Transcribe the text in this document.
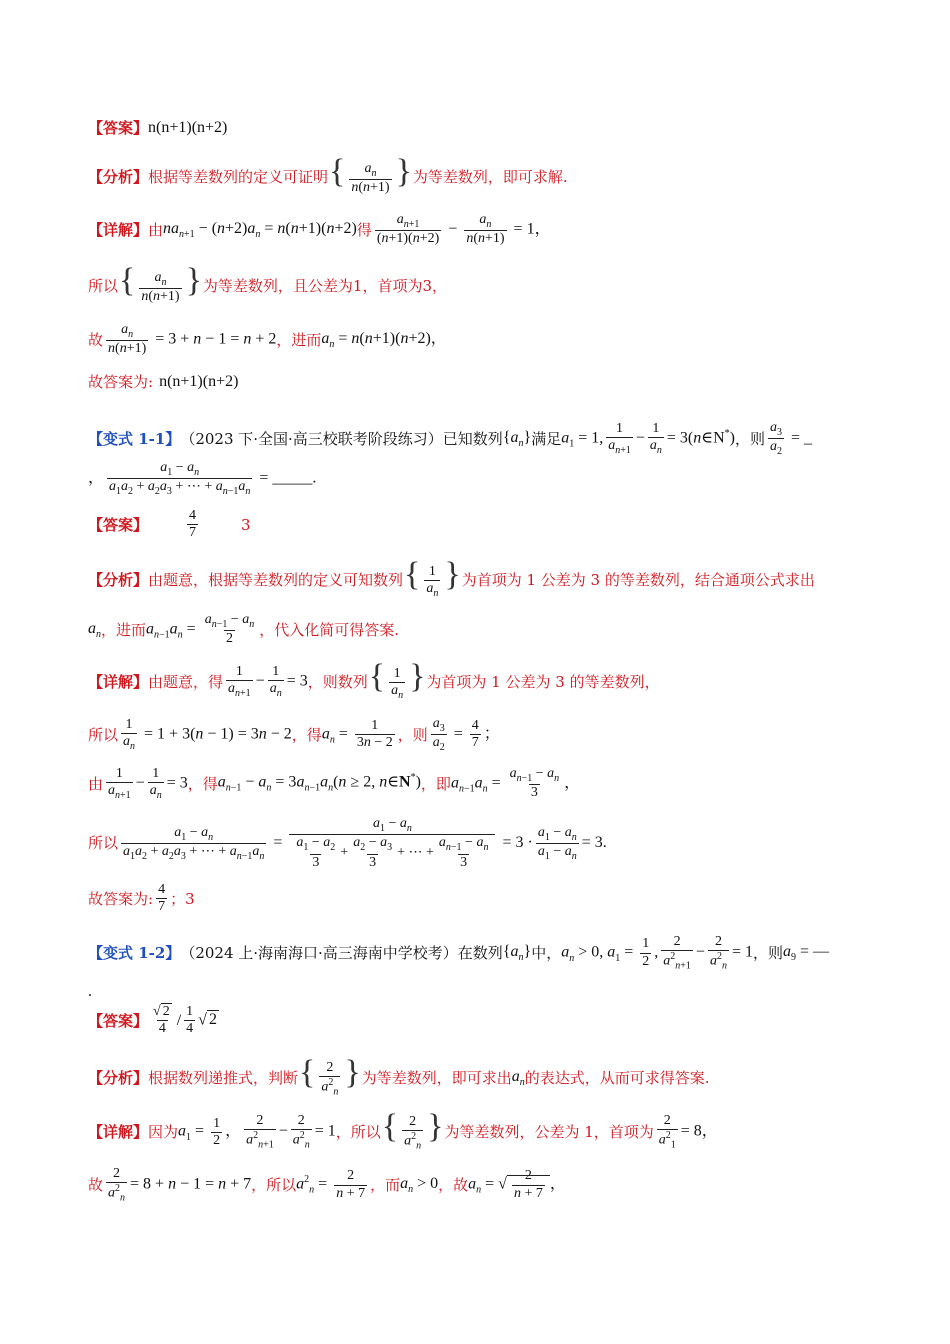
【答案】 n(n+1)(n+2)
【分析】 根据等差数列的定义可证明 { $\frac{a_n}{n(n+1)}$ } 为等差数列，即可求解.
【详解】 由 $na_{n+1} - (n+2)a_n = n(n+1)(n+2)$ 得 $\frac{a_{n+1}}{(n+1)(n+2)} - \frac{a_n}{n(n+1)} = 1$，
所以 { $\frac{a_n}{n(n+1)}$ } 为等差数列，且公差为1，首项为3，
故 $\frac{a_n}{n(n+1)} = 3 + n - 1 = n + 2$ ，进而 $a_n = n(n+1)(n+2)$，
故答案为: n(n+1)(n+2)
【变式 1-1】 （2023 下·全国·高三校联考阶段练习）已知数列 $\{a_n\}$ 满足 $a_1 = 1$, $\frac{1}{a_{n+1}} - \frac{1}{a_n}$ = 3(n∈N*) ，则 $\frac{a_3}{a_2}$ = _
， $\frac{a_1 - a_n}{a_1a_2 + a_2a_3 + \cdots + a_{n-1}a_n}$ = _____.
【答案】	$\frac{4}{7}$	3
【分析】 由题意，根据等差数列的定义可知数列 { $\frac{1}{a_n}$ } 为首项为 1 公差为 3 的等差数列，结合通项公式求出
$a_n$ ，进而 $a_{n-1}a_n = \frac{a_{n-1} - a_n}{2}$ ，代入化简可得答案.
【详解】 由题意，得 $\frac{1}{a_{n+1}} - \frac{1}{a_n} = 3$ ，则数列 { $\frac{1}{a_n}$ } 为首项为 1 公差为 3 的等差数列，
所以 $\frac{1}{a_n} = 1 + 3(n - 1) = 3n - 2$ ，得 $a_n = \frac{1}{3n - 2}$ ，则 $\frac{a_3}{a_2} = \frac{4}{7}$ ；
由 $\frac{1}{a_{n+1}} - \frac{1}{a_n} = 3$ ，得 $a_{n-1} - a_n = 3a_{n-1}a_n(n \ge 2$, n∈N*) ，即 $a_{n-1}a_n = \frac{a_{n-1} - a_n}{3}$ ，
所以 $\frac{a_1 - a_n}{a_1a_2 + a_2a_3 + \cdots + a_{n-1}a_n} = \frac{a_1 - a_n}{\frac{a_1 - a_2}{3} + \frac{a_2 - a_3}{3} + \cdots + \frac{a_{n-1} - a_n}{3}} = 3 \cdot \frac{a_1 - a_n}{a_1 - a_n} = 3$.
故答案为: $\frac{4}{7}$ ； 3
【变式 1-2】 （2024 上·海南海口·高三海南中学校考）在数列 $\{a_n\}$ 中， $a_n > 0$, $a_1 = \frac{1}{2}$ , $\frac{2}{a^2_{n+1}} - \frac{2}{a^2_n} = 1$ ，则 $a_9$ = —
.
【答案】 $\frac{√ 2}{4} / \frac{1}{4}$ √ 2
【分析】 根据数列递推式，判断 { $\frac{2}{a^2_n}$ } 为等差数列，即可求出 $a_n$ 的表达式，从而可求得答案.
【详解】 因为 $a_1 = \frac{1}{2}$ ， $\frac{2}{a^2_{n+1}} - \frac{2}{a^2_n} = 1$ ，所以 { $\frac{2}{a^2_n}$ } 为等差数列，公差为 1，首项为 $\frac{2}{a^2_1} = 8$，
故 $\frac{2}{a^2_n} = 8 + n - 1 = n + 7$ ，所以 $a^2_n = \frac{2}{n + 7}$ ，而 $a_n > 0$ ，故 $a_n$ = √ $\frac{2}{n + 7}$ ，
